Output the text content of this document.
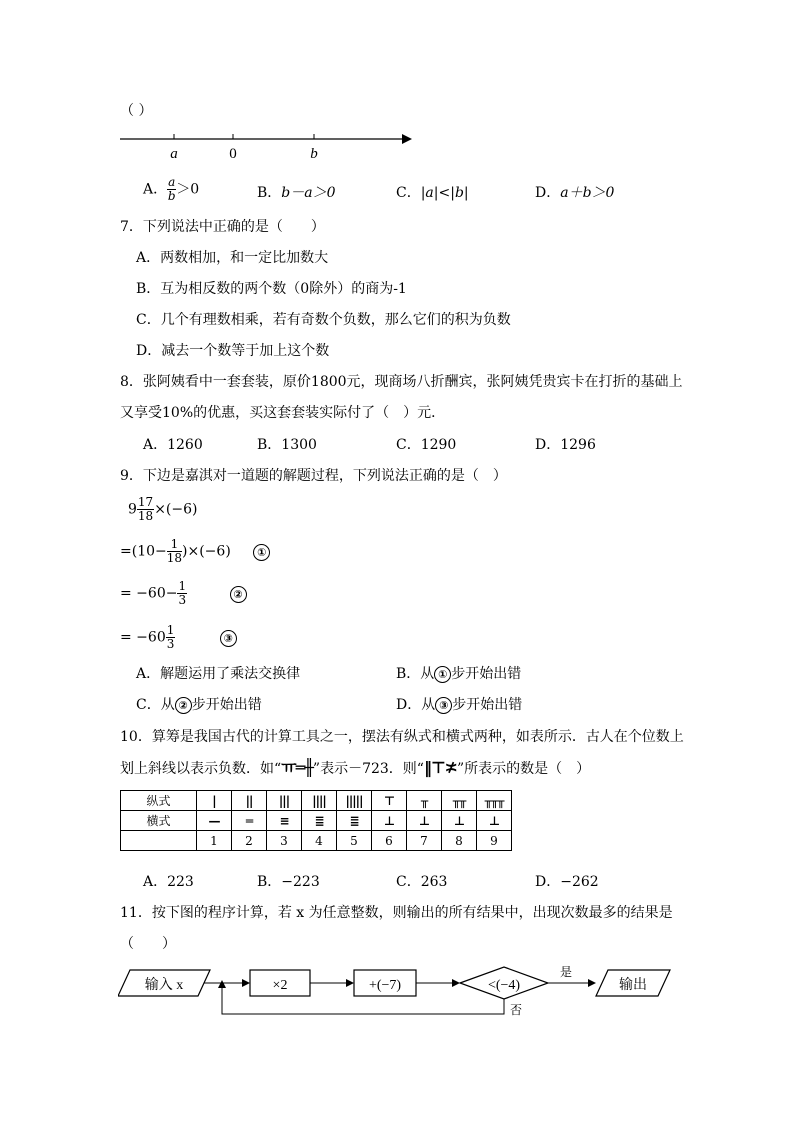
（ ）
a	0	b
A． $\frac{a}{b} >0$	B．b－a＞0	C．|a|<|b|	D．a＋b＞0
7．下列说法中正确的是（　　）
A．两数相加，和一定比加数大
B．互为相反数的两个数（0除外）的商为-1
C．几个有理数相乘，若有奇数个负数，那么它们的积为负数
D．减去一个数等于加上这个数
8．张阿姨看中一套套装，原价1800元，现商场八折酬宾，张阿姨凭贵宾卡在打折的基础上
又享受10%的优惠，买这套套装实际付了（　）元．
A．1260	B．1300	C．1290	D．1296
9．下边是嘉淇对一道题的解题过程，下列说法正确的是（　）
$9 \frac{17}{18} \times(-6)$
$=(10- \frac{1}{18} )\times(-6)$ ①
= $-60- \frac{1}{3}$	②
= $-60 \frac{1}{3}$	③
A．解题运用了乘法交换律	B．从 ① 步开始出错
C．从 ② 步开始出错	D．从 ③ 步开始出错
10．算筹是我国古代的计算工具之一，摆法有纵式和横式两种，如表所示．古人在个位数上
划上斜线以表示负数．如“ㅠ═╫”表示－723．则“‖⊤≭”所表示的数是（　）
纵式	|	||	|||	||||	|||||	⊤	╥	╥╥	╥╥╥
横式	—	═	≡	≣	≣	⊥	⊥	⊥	⊥
	1	2	3	4	5	6	7	8	9
A．223	B．−223	C．263	D．−262
11．按下图的程序计算，若 x 为任意整数，则输出的所有结果中，出现次数最多的结果是
（　　）
输入 x	×2	+(−7)	<(−4)
是
输出
否
